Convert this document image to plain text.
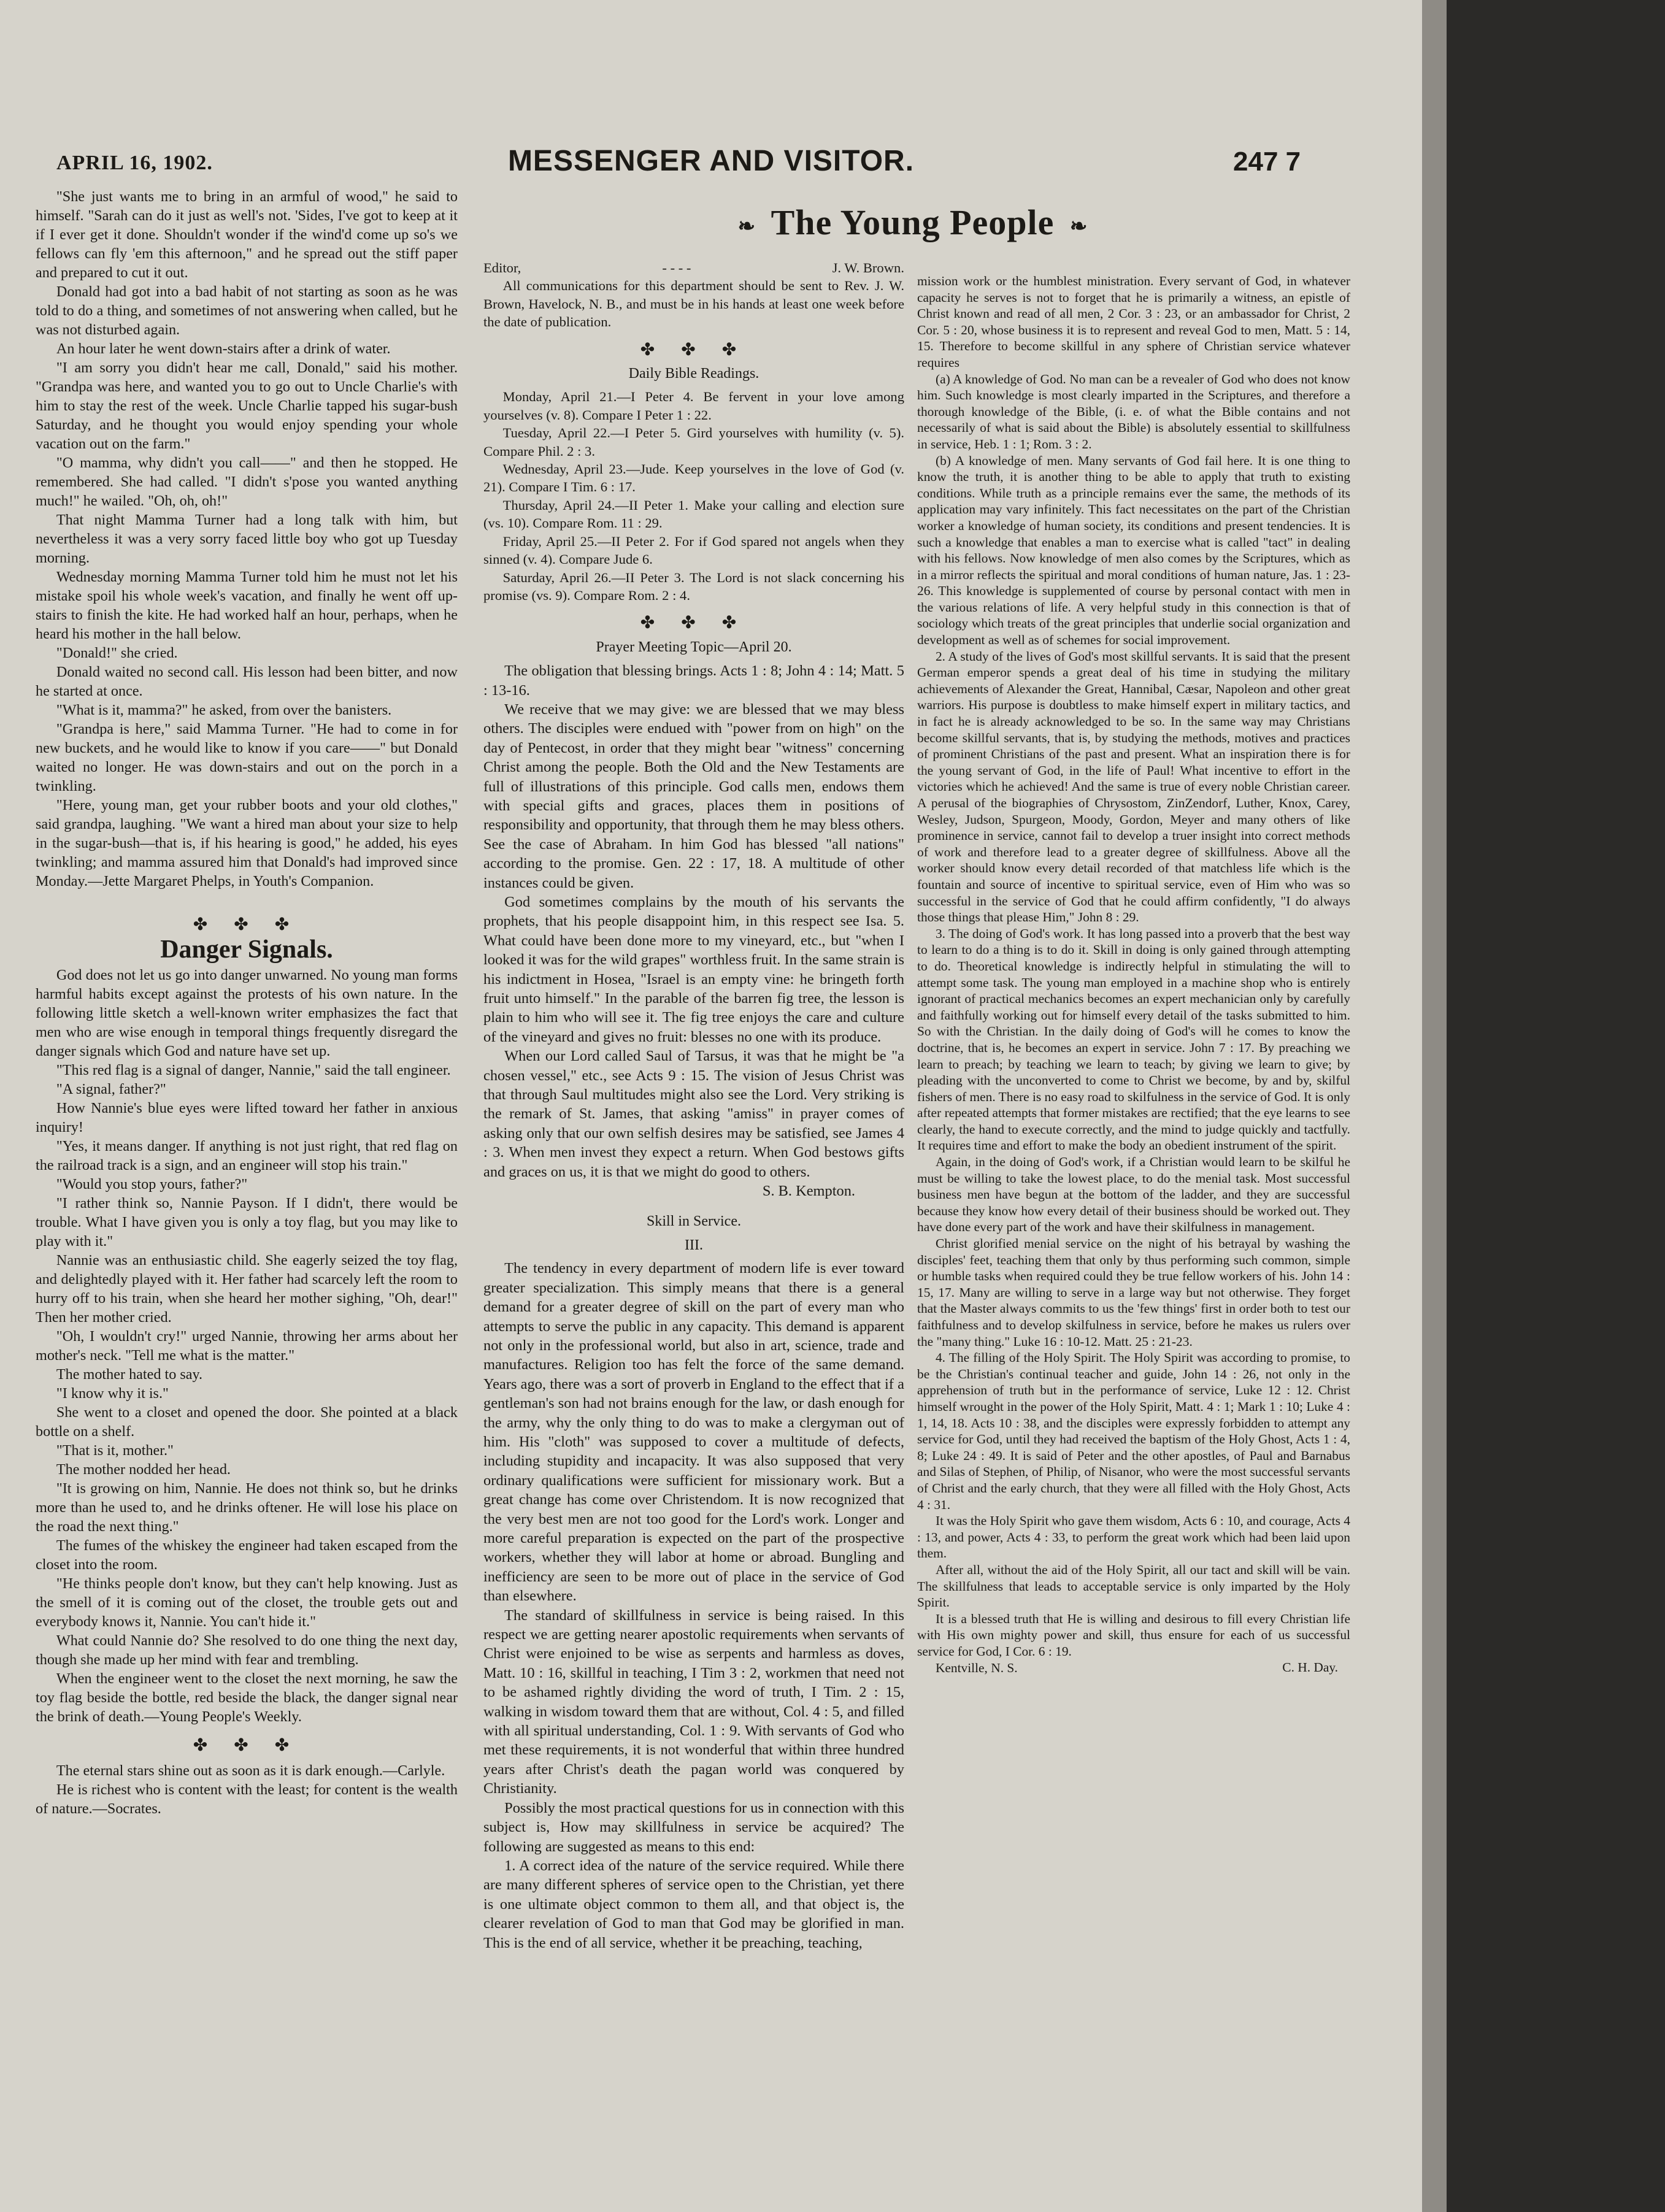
APRIL 16, 1902.	MESSENGER AND VISITOR.	247 7

"She just wants me to bring in an armful of wood," he said to himself. "Sarah can do it just as well's not. 'Sides, I've got to keep at it if I ever get it done. Shouldn't wonder if the wind'd come up so's we fellows can fly 'em this afternoon," and he spread out the stiff paper and prepared to cut it out.

Donald had got into a bad habit of not starting as soon as he was told to do a thing, and sometimes of not answering when called, but he was not disturbed again.

An hour later he went down-stairs after a drink of water.

"I am sorry you didn't hear me call, Donald," said his mother. "Grandpa was here, and wanted you to go out to Uncle Charlie's with him to stay the rest of the week. Uncle Charlie tapped his sugar-bush Saturday, and he thought you would enjoy spending your whole vacation out on the farm."

"O mamma, why didn't you call——" and then he stopped. He remembered. She had called. "I didn't s'pose you wanted anything much!" he wailed. "Oh, oh, oh!"

That night Mamma Turner had a long talk with him, but nevertheless it was a very sorry faced little boy who got up Tuesday morning.

Wednesday morning Mamma Turner told him he must not let his mistake spoil his whole week's vacation, and finally he went off up-stairs to finish the kite. He had worked half an hour, perhaps, when he heard his mother in the hall below.

"Donald!" she cried.

Donald waited no second call. His lesson had been bitter, and now he started at once.

"What is it, mamma?" he asked, from over the banisters.

"Grandpa is here," said Mamma Turner. "He had to come in for new buckets, and he would like to know if you care——" but Donald waited no longer. He was down-stairs and out on the porch in a twinkling.

"Here, young man, get your rubber boots and your old clothes," said grandpa, laughing. "We want a hired man about your size to help in the sugar-bush—that is, if his hearing is good," he added, his eyes twinkling; and mamma assured him that Donald's had improved since Monday.—Jette Margaret Phelps, in Youth's Companion.

✤ ✤ ✤
Danger Signals.

God does not let us go into danger unwarned. No young man forms harmful habits except against the protests of his own nature. In the following little sketch a well-known writer emphasizes the fact that men who are wise enough in temporal things frequently disregard the danger signals which God and nature have set up.

"This red flag is a signal of danger, Nannie," said the tall engineer.

"A signal, father?"

How Nannie's blue eyes were lifted toward her father in anxious inquiry!

"Yes, it means danger. If anything is not just right, that red flag on the railroad track is a sign, and an engineer will stop his train."

"Would you stop yours, father?"

"I rather think so, Nannie Payson. If I didn't, there would be trouble. What I have given you is only a toy flag, but you may like to play with it."

Nannie was an enthusiastic child. She eagerly seized the toy flag, and delightedly played with it. Her father had scarcely left the room to hurry off to his train, when she heard her mother sighing, "Oh, dear!" Then her mother cried.

"Oh, I wouldn't cry!" urged Nannie, throwing her arms about her mother's neck. "Tell me what is the matter."

The mother hated to say.

"I know why it is."

She went to a closet and opened the door. She pointed at a black bottle on a shelf.

"That is it, mother."

The mother nodded her head.

"It is growing on him, Nannie. He does not think so, but he drinks more than he used to, and he drinks oftener. He will lose his place on the road the next thing."

The fumes of the whiskey the engineer had taken escaped from the closet into the room.

"He thinks people don't know, but they can't help knowing. Just as the smell of it is coming out of the closet, the trouble gets out and everybody knows it, Nannie. You can't hide it."

What could Nannie do? She resolved to do one thing the next day, though she made up her mind with fear and trembling.

When the engineer went to the closet the next morning, he saw the toy flag beside the bottle, red beside the black, the danger signal near the brink of death.—Young People's Weekly.

✤ ✤ ✤

The eternal stars shine out as soon as it is dark enough.—Carlyle.

He is richest who is content with the least; for content is the wealth of nature.—Socrates.

❧ The Young People ❧
Editor,	- - - -	J. W. Brown.

All communications for this department should be sent to Rev. J. W. Brown, Havelock, N. B., and must be in his hands at least one week before the date of publication.

✤ ✤ ✤
Daily Bible Readings.

Monday, April 21.—I Peter 4. Be fervent in your love among yourselves (v. 8). Compare I Peter 1 : 22.

Tuesday, April 22.—I Peter 5. Gird yourselves with humility (v. 5). Compare Phil. 2 : 3.

Wednesday, April 23.—Jude. Keep yourselves in the love of God (v. 21). Compare I Tim. 6 : 17.

Thursday, April 24.—II Peter 1. Make your calling and election sure (vs. 10). Compare Rom. 11 : 29.

Friday, April 25.—II Peter 2. For if God spared not angels when they sinned (v. 4). Compare Jude 6.

Saturday, April 26.—II Peter 3. The Lord is not slack concerning his promise (vs. 9). Compare Rom. 2 : 4.

✤ ✤ ✤
Prayer Meeting Topic—April 20.

The obligation that blessing brings. Acts 1 : 8; John 4 : 14; Matt. 5 : 13-16.

We receive that we may give: we are blessed that we may bless others. The disciples were endued with "power from on high" on the day of Pentecost, in order that they might bear "witness" concerning Christ among the people. Both the Old and the New Testaments are full of illustrations of this principle. God calls men, endows them with special gifts and graces, places them in positions of responsibility and opportunity, that through them he may bless others. See the case of Abraham. In him God has blessed "all nations" according to the promise. Gen. 22 : 17, 18. A multitude of other instances could be given.

God sometimes complains by the mouth of his servants the prophets, that his people disappoint him, in this respect see Isa. 5. What could have been done more to my vineyard, etc., but "when I looked it was for the wild grapes" worthless fruit. In the same strain is his indictment in Hosea, "Israel is an empty vine: he bringeth forth fruit unto himself." In the parable of the barren fig tree, the lesson is plain to him who will see it. The fig tree enjoys the care and culture of the vineyard and gives no fruit: blesses no one with its produce.

When our Lord called Saul of Tarsus, it was that he might be "a chosen vessel," etc., see Acts 9 : 15. The vision of Jesus Christ was that through Saul multitudes might also see the Lord. Very striking is the remark of St. James, that asking "amiss" in prayer comes of asking only that our own selfish desires may be satisfied, see James 4 : 3. When men invest they expect a return. When God bestows gifts and graces on us, it is that we might do good to others.

S. B. Kempton.
Skill in Service.
III.

The tendency in every department of modern life is ever toward greater specialization. This simply means that there is a general demand for a greater degree of skill on the part of every man who attempts to serve the public in any capacity. This demand is apparent not only in the professional world, but also in art, science, trade and manufactures. Religion too has felt the force of the same demand. Years ago, there was a sort of proverb in England to the effect that if a gentleman's son had not brains enough for the law, or dash enough for the army, why the only thing to do was to make a clergyman out of him. His "cloth" was supposed to cover a multitude of defects, including stupidity and incapacity. It was also supposed that very ordinary qualifications were sufficient for missionary work. But a great change has come over Christendom. It is now recognized that the very best men are not too good for the Lord's work. Longer and more careful preparation is expected on the part of the prospective workers, whether they will labor at home or abroad. Bungling and inefficiency are seen to be more out of place in the service of God than elsewhere.

The standard of skillfulness in service is being raised. In this respect we are getting nearer apostolic requirements when servants of Christ were enjoined to be wise as serpents and harmless as doves, Matt. 10 : 16, skillful in teaching, I Tim 3 : 2, workmen that need not to be ashamed rightly dividing the word of truth, I Tim. 2 : 15, walking in wisdom toward them that are without, Col. 4 : 5, and filled with all spiritual understanding, Col. 1 : 9. With servants of God who met these requirements, it is not wonderful that within three hundred years after Christ's death the pagan world was conquered by Christianity.

Possibly the most practical questions for us in connection with this subject is, How may skillfulness in service be acquired? The following are suggested as means to this end:

1. A correct idea of the nature of the service required. While there are many different spheres of service open to the Christian, yet there is one ultimate object common to them all, and that object is, the clearer revelation of God to man that God may be glorified in man. This is the end of all service, whether it be preaching, teaching,

mission work or the humblest ministration. Every servant of God, in whatever capacity he serves is not to forget that he is primarily a witness, an epistle of Christ known and read of all men, 2 Cor. 3 : 23, or an ambassador for Christ, 2 Cor. 5 : 20, whose business it is to represent and reveal God to men, Matt. 5 : 14, 15. Therefore to become skillful in any sphere of Christian service whatever requires

(a) A knowledge of God. No man can be a revealer of God who does not know him. Such knowledge is most clearly imparted in the Scriptures, and therefore a thorough knowledge of the Bible, (i. e. of what the Bible contains and not necessarily of what is said about the Bible) is absolutely essential to skillfulness in service, Heb. 1 : 1; Rom. 3 : 2.

(b) A knowledge of men. Many servants of God fail here. It is one thing to know the truth, it is another thing to be able to apply that truth to existing conditions. While truth as a principle remains ever the same, the methods of its application may vary infinitely. This fact necessitates on the part of the Christian worker a knowledge of human society, its conditions and present tendencies. It is such a knowledge that enables a man to exercise what is called "tact" in dealing with his fellows. Now knowledge of men also comes by the Scriptures, which as in a mirror reflects the spiritual and moral conditions of human nature, Jas. 1 : 23-26. This knowledge is supplemented of course by personal contact with men in the various relations of life. A very helpful study in this connection is that of sociology which treats of the great principles that underlie social organization and development as well as of schemes for social improvement.

2. A study of the lives of God's most skillful servants. It is said that the present German emperor spends a great deal of his time in studying the military achievements of Alexander the Great, Hannibal, Cæsar, Napoleon and other great warriors. His purpose is doubtless to make himself expert in military tactics, and in fact he is already acknowledged to be so. In the same way may Christians become skillful servants, that is, by studying the methods, motives and practices of prominent Christians of the past and present. What an inspiration there is for the young servant of God, in the life of Paul! What incentive to effort in the victories which he achieved! And the same is true of every noble Christian career. A perusal of the biographies of Chrysostom, ZinZendorf, Luther, Knox, Carey, Wesley, Judson, Spurgeon, Moody, Gordon, Meyer and many others of like prominence in service, cannot fail to develop a truer insight into correct methods of work and therefore lead to a greater degree of skillfulness. Above all the worker should know every detail recorded of that matchless life which is the fountain and source of incentive to spiritual service, even of Him who was so successful in the service of God that he could affirm confidently, "I do always those things that please Him," John 8 : 29.

3. The doing of God's work. It has long passed into a proverb that the best way to learn to do a thing is to do it. Skill in doing is only gained through attempting to do. Theoretical knowledge is indirectly helpful in stimulating the will to attempt some task. The young man employed in a machine shop who is entirely ignorant of practical mechanics becomes an expert mechanician only by carefully and faithfully working out for himself every detail of the tasks submitted to him. So with the Christian. In the daily doing of God's will he comes to know the doctrine, that is, he becomes an expert in service. John 7 : 17. By preaching we learn to preach; by teaching we learn to teach; by giving we learn to give; by pleading with the unconverted to come to Christ we become, by and by, skilful fishers of men. There is no easy road to skilfulness in the service of God. It is only after repeated attempts that former mistakes are rectified; that the eye learns to see clearly, the hand to execute correctly, and the mind to judge quickly and tactfully. It requires time and effort to make the body an obedient instrument of the spirit.

Again, in the doing of God's work, if a Christian would learn to be skilful he must be willing to take the lowest place, to do the menial task. Most successful business men have begun at the bottom of the ladder, and they are successful because they know how every detail of their business should be worked out. They have done every part of the work and have their skilfulness in management.

Christ glorified menial service on the night of his betrayal by washing the disciples' feet, teaching them that only by thus performing such common, simple or humble tasks when required could they be true fellow workers of his. John 14 : 15, 17. Many are willing to serve in a large way but not otherwise. They forget that the Master always commits to us the 'few things' first in order both to test our faithfulness and to develop skilfulness in service, before he makes us rulers over the "many thing." Luke 16 : 10-12. Matt. 25 : 21-23.

4. The filling of the Holy Spirit. The Holy Spirit was according to promise, to be the Christian's continual teacher and guide, John 14 : 26, not only in the apprehension of truth but in the performance of service, Luke 12 : 12. Christ himself wrought in the power of the Holy Spirit, Matt. 4 : 1; Mark 1 : 10; Luke 4 : 1, 14, 18. Acts 10 : 38, and the disciples were expressly forbidden to attempt any service for God, until they had received the baptism of the Holy Ghost, Acts 1 : 4, 8; Luke 24 : 49. It is said of Peter and the other apostles, of Paul and Barnabus and Silas of Stephen, of Philip, of Nisanor, who were the most successful servants of Christ and the early church, that they were all filled with the Holy Ghost, Acts 4 : 31.

It was the Holy Spirit who gave them wisdom, Acts 6 : 10, and courage, Acts 4 : 13, and power, Acts 4 : 33, to perform the great work which had been laid upon them.

After all, without the aid of the Holy Spirit, all our tact and skill will be vain. The skillfulness that leads to acceptable service is only imparted by the Holy Spirit.

It is a blessed truth that He is willing and desirous to fill every Christian life with His own mighty power and skill, thus ensure for each of us successful service for God, I Cor. 6 : 19.

C. H. Day.

Kentville, N. S.
